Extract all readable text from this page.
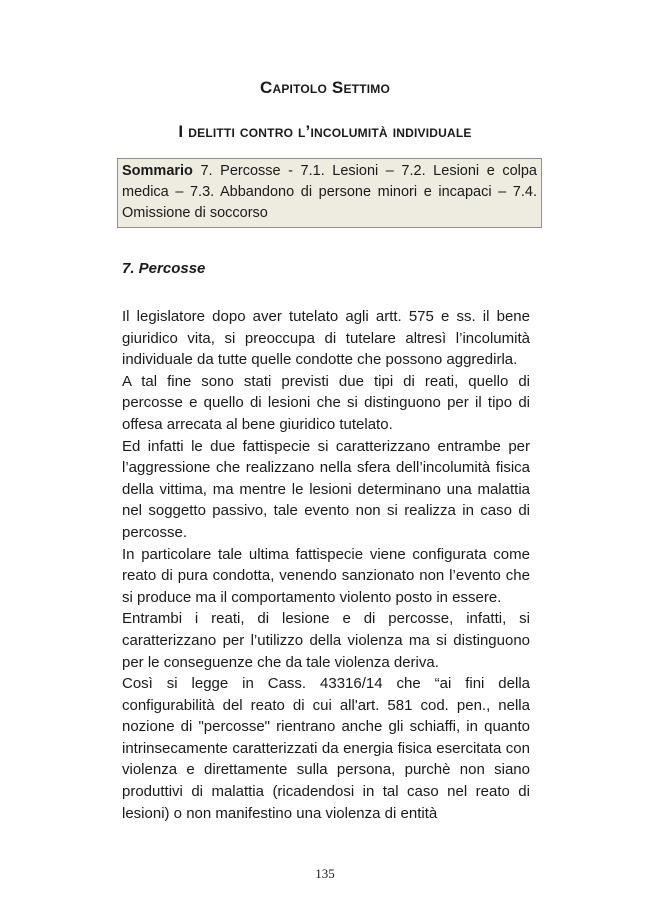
Capitolo Settimo
I delitti contro l’incolumità individuale
Sommario 7. Percosse - 7.1. Lesioni – 7.2. Lesioni e colpa medica – 7.3. Abbandono di persone minori e incapaci – 7.4. Omissione di soccorso
7. Percosse

Il legislatore dopo aver tutelato agli artt. 575 e ss. il bene giuridico vita, si preoccupa di tutelare altresì l’incolumità individuale da tutte quelle condotte che possono aggredirla.

A tal fine sono stati previsti due tipi di reati, quello di percosse e quello di lesioni che si distinguono per il tipo di offesa arrecata al bene giuridico tutelato.

Ed infatti le due fattispecie si caratterizzano entrambe per l’aggressione che realizzano nella sfera dell’incolumità fisica della vittima, ma mentre le lesioni determinano una malattia nel soggetto passivo, tale evento non si realizza in caso di percosse.

In particolare tale ultima fattispecie viene configurata come reato di pura condotta, venendo sanzionato non l’evento che si produce ma il comportamento violento posto in essere.

Entrambi i reati, di lesione e di percosse, infatti, si caratterizzano per l’utilizzo della violenza ma si distinguono per le conseguenze che da tale violenza deriva.

Così si legge in Cass. 43316/14 che “ai fini della configurabilità del reato di cui all'art. 581 cod. pen., nella nozione di "percosse" rientrano anche gli schiaffi, in quanto intrinsecamente caratterizzati da energia fisica esercitata con violenza e direttamente sulla persona, purchè non siano produttivi di malattia (ricadendosi in tal caso nel reato di lesioni) o non manifestino una violenza di entità

135
